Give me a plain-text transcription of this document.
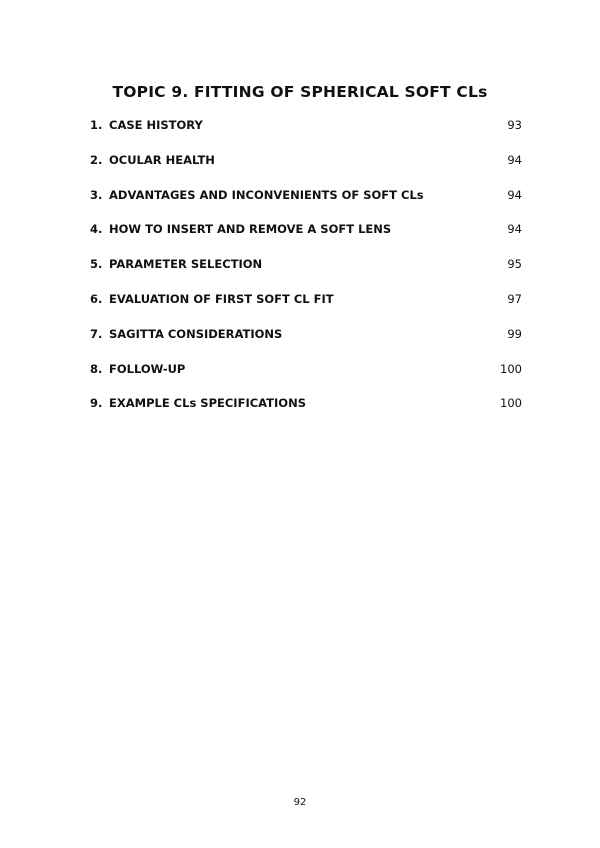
TOPIC 9. FITTING OF SPHERICAL SOFT CLs
1. CASE HISTORY	93
2. OCULAR HEALTH	94
3. ADVANTAGES AND INCONVENIENTS OF SOFT CLs	94
4. HOW TO INSERT AND REMOVE A SOFT LENS	94
5. PARAMETER SELECTION	95
6. EVALUATION OF FIRST SOFT CL FIT	97
7. SAGITTA CONSIDERATIONS	99
8. FOLLOW-UP	100
9. EXAMPLE CLs SPECIFICATIONS	100
92
